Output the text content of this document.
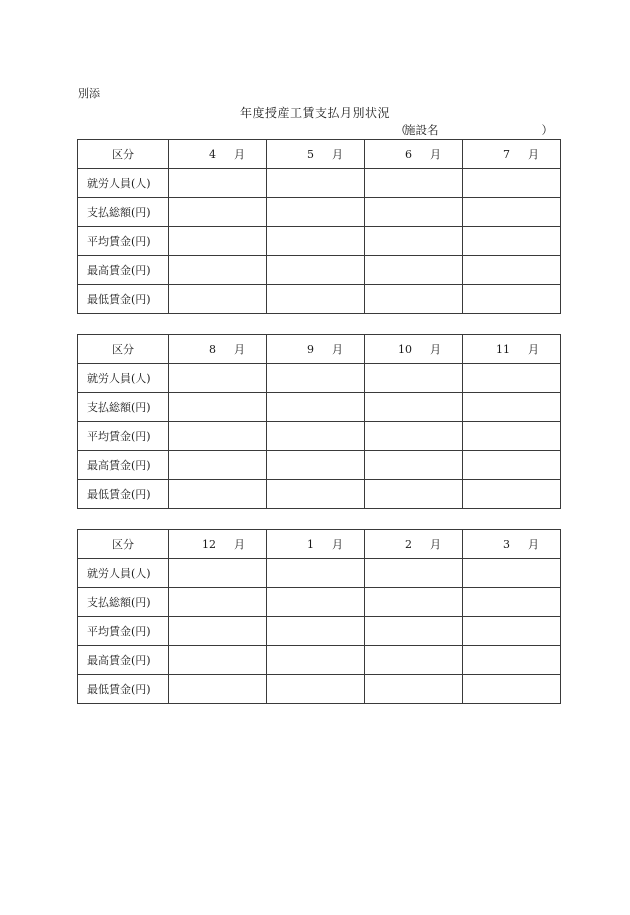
別添
年度授産工賃支払月別状況
（
施設名	）
区分	4 月	5 月	6 月	7 月
就労人員(人)				
支払総額(円)				
平均賃金(円)				
最高賃金(円)				
最低賃金(円)				
区分	8 月	9 月	10 月	11 月
就労人員(人)				
支払総額(円)				
平均賃金(円)				
最高賃金(円)				
最低賃金(円)				
区分	12 月	1 月	2 月	3 月
就労人員(人)				
支払総額(円)				
平均賃金(円)				
最高賃金(円)				
最低賃金(円)				
